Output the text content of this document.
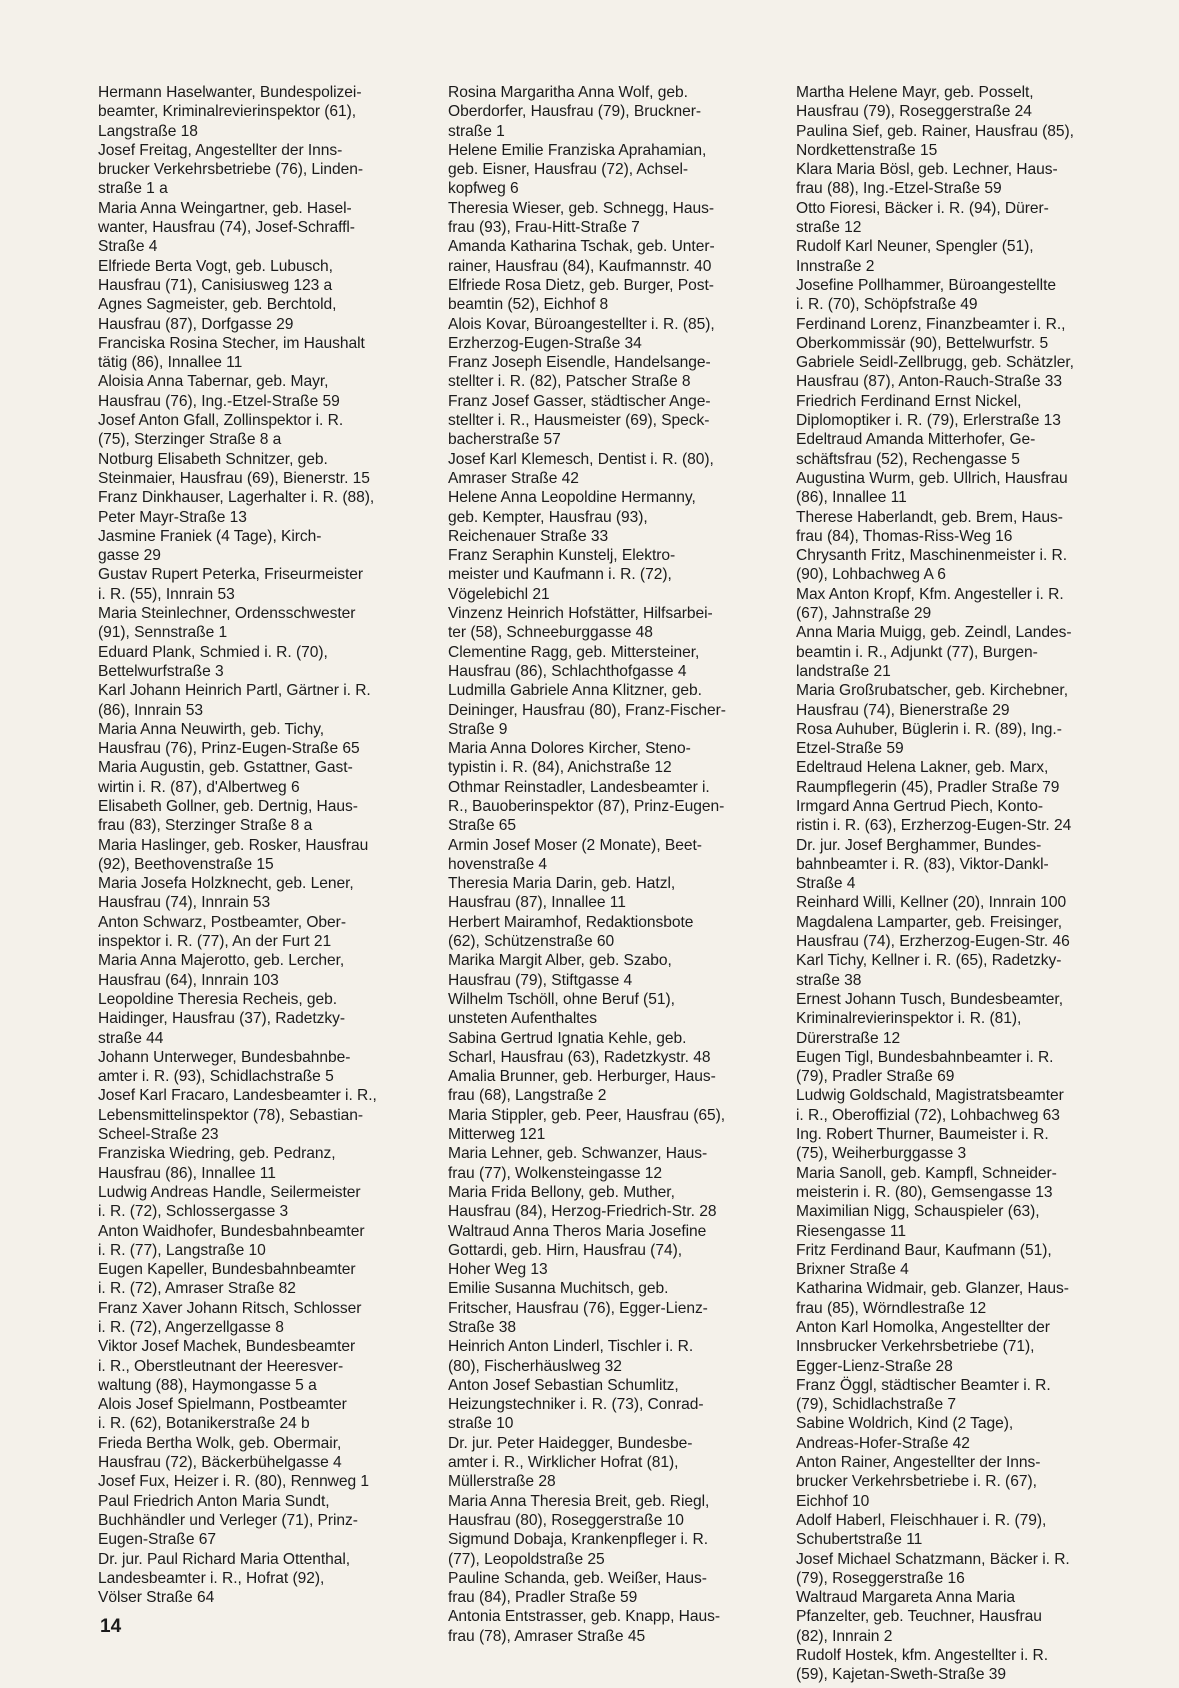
Hermann Haselwanter, Bundespolizei-

beamter, Kriminalrevierinspektor (61),

Langstraße 18

Josef Freitag, Angestellter der Inns-

brucker Verkehrsbetriebe (76), Linden-

straße 1 a

Maria Anna Weingartner, geb. Hasel-

wanter, Hausfrau (74), Josef-Schraffl-

Straße 4

Elfriede Berta Vogt, geb. Lubusch,

Hausfrau (71), Canisiusweg 123 a

Agnes Sagmeister, geb. Berchtold,

Hausfrau (87), Dorfgasse 29

Franciska Rosina Stecher, im Haushalt

tätig (86), Innallee 11

Aloisia Anna Tabernar, geb. Mayr,

Hausfrau (76), Ing.-Etzel-Straße 59

Josef Anton Gfall, Zollinspektor i. R.

(75), Sterzinger Straße 8 a

Notburg Elisabeth Schnitzer, geb.

Steinmaier, Hausfrau (69), Bienerstr. 15

Franz Dinkhauser, Lagerhalter i. R. (88),

Peter Mayr-Straße 13

Jasmine Franiek (4 Tage), Kirch-

gasse 29

Gustav Rupert Peterka, Friseurmeister

i. R. (55), Innrain 53

Maria Steinlechner, Ordensschwester

(91), Sennstraße 1

Eduard Plank, Schmied i. R. (70),

Bettelwurfstraße 3

Karl Johann Heinrich Partl, Gärtner i. R.

(86), Innrain 53

Maria Anna Neuwirth, geb. Tichy,

Hausfrau (76), Prinz-Eugen-Straße 65

Maria Augustin, geb. Gstattner, Gast-

wirtin i. R. (87), d'Albertweg 6

Elisabeth Gollner, geb. Dertnig, Haus-

frau (83), Sterzinger Straße 8 a

Maria Haslinger, geb. Rosker, Hausfrau

(92), Beethovenstraße 15

Maria Josefa Holzknecht, geb. Lener,

Hausfrau (74), Innrain 53

Anton Schwarz, Postbeamter, Ober-

inspektor i. R. (77), An der Furt 21

Maria Anna Majerotto, geb. Lercher,

Hausfrau (64), Innrain 103

Leopoldine Theresia Recheis, geb.

Haidinger, Hausfrau (37), Radetzky-

straße 44

Johann Unterweger, Bundesbahnbe-

amter i. R. (93), Schidlachstraße 5

Josef Karl Fracaro, Landesbeamter i. R.,

Lebensmittelinspektor (78), Sebastian-

Scheel-Straße 23

Franziska Wiedring, geb. Pedranz,

Hausfrau (86), Innallee 11

Ludwig Andreas Handle, Seilermeister

i. R. (72), Schlossergasse 3

Anton Waidhofer, Bundesbahnbeamter

i. R. (77), Langstraße 10

Eugen Kapeller, Bundesbahnbeamter

i. R. (72), Amraser Straße 82

Franz Xaver Johann Ritsch, Schlosser

i. R. (72), Angerzellgasse 8

Viktor Josef Machek, Bundesbeamter

i. R., Oberstleutnant der Heeresver-

waltung (88), Haymongasse 5 a

Alois Josef Spielmann, Postbeamter

i. R. (62), Botanikerstraße 24 b

Frieda Bertha Wolk, geb. Obermair,

Hausfrau (72), Bäckerbühelgasse 4

Josef Fux, Heizer i. R. (80), Rennweg 1

Paul Friedrich Anton Maria Sundt,

Buchhändler und Verleger (71), Prinz-

Eugen-Straße 67

Dr. jur. Paul Richard Maria Ottenthal,

Landesbeamter i. R., Hofrat (92),

Völser Straße 64

Rosina Margaritha Anna Wolf, geb.

Oberdorfer, Hausfrau (79), Bruckner-

straße 1

Helene Emilie Franziska Aprahamian,

geb. Eisner, Hausfrau (72), Achsel-

kopfweg 6

Theresia Wieser, geb. Schnegg, Haus-

frau (93), Frau-Hitt-Straße 7

Amanda Katharina Tschak, geb. Unter-

rainer, Hausfrau (84), Kaufmannstr. 40

Elfriede Rosa Dietz, geb. Burger, Post-

beamtin (52), Eichhof 8

Alois Kovar, Büroangestellter i. R. (85),

Erzherzog-Eugen-Straße 34

Franz Joseph Eisendle, Handelsange-

stellter i. R. (82), Patscher Straße 8

Franz Josef Gasser, städtischer Ange-

stellter i. R., Hausmeister (69), Speck-

bacherstraße 57

Josef Karl Klemesch, Dentist i. R. (80),

Amraser Straße 42

Helene Anna Leopoldine Hermanny,

geb. Kempter, Hausfrau (93),

Reichenauer Straße 33

Franz Seraphin Kunstelj, Elektro-

meister und Kaufmann i. R. (72),

Vögelebichl 21

Vinzenz Heinrich Hofstätter, Hilfsarbei-

ter (58), Schneeburggasse 48

Clementine Ragg, geb. Mittersteiner,

Hausfrau (86), Schlachthofgasse 4

Ludmilla Gabriele Anna Klitzner, geb.

Deininger, Hausfrau (80), Franz-Fischer-

Straße 9

Maria Anna Dolores Kircher, Steno-

typistin i. R. (84), Anichstraße 12

Othmar Reinstadler, Landesbeamter i.

R., Bauoberinspektor (87), Prinz-Eugen-

Straße 65

Armin Josef Moser (2 Monate), Beet-

hovenstraße 4

Theresia Maria Darin, geb. Hatzl,

Hausfrau (87), Innallee 11

Herbert Mairamhof, Redaktionsbote

(62), Schützenstraße 60

Marika Margit Alber, geb. Szabo,

Hausfrau (79), Stiftgasse 4

Wilhelm Tschöll, ohne Beruf (51),

unsteten Aufenthaltes

Sabina Gertrud Ignatia Kehle, geb.

Scharl, Hausfrau (63), Radetzkystr. 48

Amalia Brunner, geb. Herburger, Haus-

frau (68), Langstraße 2

Maria Stippler, geb. Peer, Hausfrau (65),

Mitterweg 121

Maria Lehner, geb. Schwanzer, Haus-

frau (77), Wolkensteingasse 12

Maria Frida Bellony, geb. Muther,

Hausfrau (84), Herzog-Friedrich-Str. 28

Waltraud Anna Theros Maria Josefine

Gottardi, geb. Hirn, Hausfrau (74),

Hoher Weg 13

Emilie Susanna Muchitsch, geb.

Fritscher, Hausfrau (76), Egger-Lienz-

Straße 38

Heinrich Anton Linderl, Tischler i. R.

(80), Fischerhäuslweg 32

Anton Josef Sebastian Schumlitz,

Heizungstechniker i. R. (73), Conrad-

straße 10

Dr. jur. Peter Haidegger, Bundesbe-

amter i. R., Wirklicher Hofrat (81),

Müllerstraße 28

Maria Anna Theresia Breit, geb. Riegl,

Hausfrau (80), Roseggerstraße 10

Sigmund Dobaja, Krankenpfleger i. R.

(77), Leopoldstraße 25

Pauline Schanda, geb. Weißer, Haus-

frau (84), Pradler Straße 59

Antonia Entstrasser, geb. Knapp, Haus-

frau (78), Amraser Straße 45

Martha Helene Mayr, geb. Posselt,

Hausfrau (79), Roseggerstraße 24

Paulina Sief, geb. Rainer, Hausfrau (85),

Nordkettenstraße 15

Klara Maria Bösl, geb. Lechner, Haus-

frau (88), Ing.-Etzel-Straße 59

Otto Fioresi, Bäcker i. R. (94), Dürer-

straße 12

Rudolf Karl Neuner, Spengler (51),

Innstraße 2

Josefine Pollhammer, Büroangestellte

i. R. (70), Schöpfstraße 49

Ferdinand Lorenz, Finanzbeamter i. R.,

Oberkommissär (90), Bettelwurfstr. 5

Gabriele Seidl-Zellbrugg, geb. Schätzler,

Hausfrau (87), Anton-Rauch-Straße 33

Friedrich Ferdinand Ernst Nickel,

Diplomoptiker i. R. (79), Erlerstraße 13

Edeltraud Amanda Mitterhofer, Ge-

schäftsfrau (52), Rechengasse 5

Augustina Wurm, geb. Ullrich, Hausfrau

(86), Innallee 11

Therese Haberlandt, geb. Brem, Haus-

frau (84), Thomas-Riss-Weg 16

Chrysanth Fritz, Maschinenmeister i. R.

(90), Lohbachweg A 6

Max Anton Kropf, Kfm. Angesteller i. R.

(67), Jahnstraße 29

Anna Maria Muigg, geb. Zeindl, Landes-

beamtin i. R., Adjunkt (77), Burgen-

landstraße 21

Maria Großrubatscher, geb. Kirchebner,

Hausfrau (74), Bienerstraße 29

Rosa Auhuber, Büglerin i. R. (89), Ing.-

Etzel-Straße 59

Edeltraud Helena Lakner, geb. Marx,

Raumpflegerin (45), Pradler Straße 79

Irmgard Anna Gertrud Piech, Konto-

ristin i. R. (63), Erzherzog-Eugen-Str. 24

Dr. jur. Josef Berghammer, Bundes-

bahnbeamter i. R. (83), Viktor-Dankl-

Straße 4

Reinhard Willi, Kellner (20), Innrain 100

Magdalena Lamparter, geb. Freisinger,

Hausfrau (74), Erzherzog-Eugen-Str. 46

Karl Tichy, Kellner i. R. (65), Radetzky-

straße 38

Ernest Johann Tusch, Bundesbeamter,

Kriminalrevierinspektor i. R. (81),

Dürerstraße 12

Eugen Tigl, Bundesbahnbeamter i. R.

(79), Pradler Straße 69

Ludwig Goldschald, Magistratsbeamter

i. R., Oberoffizial (72), Lohbachweg 63

Ing. Robert Thurner, Baumeister i. R.

(75), Weiherburggasse 3

Maria Sanoll, geb. Kampfl, Schneider-

meisterin i. R. (80), Gemsengasse 13

Maximilian Nigg, Schauspieler (63),

Riesengasse 11

Fritz Ferdinand Baur, Kaufmann (51),

Brixner Straße 4

Katharina Widmair, geb. Glanzer, Haus-

frau (85), Wörndlestraße 12

Anton Karl Homolka, Angestellter der

Innsbrucker Verkehrsbetriebe (71),

Egger-Lienz-Straße 28

Franz Öggl, städtischer Beamter i. R.

(79), Schidlachstraße 7

Sabine Woldrich, Kind (2 Tage),

Andreas-Hofer-Straße 42

Anton Rainer, Angestellter der Inns-

brucker Verkehrsbetriebe i. R. (67),

Eichhof 10

Adolf Haberl, Fleischhauer i. R. (79),

Schubertstraße 11

Josef Michael Schatzmann, Bäcker i. R.

(79), Roseggerstraße 16

Waltraud Margareta Anna Maria

Pfanzelter, geb. Teuchner, Hausfrau

(82), Innrain 2

Rudolf Hostek, kfm. Angestellter i. R.

(59), Kajetan-Sweth-Straße 39

14
